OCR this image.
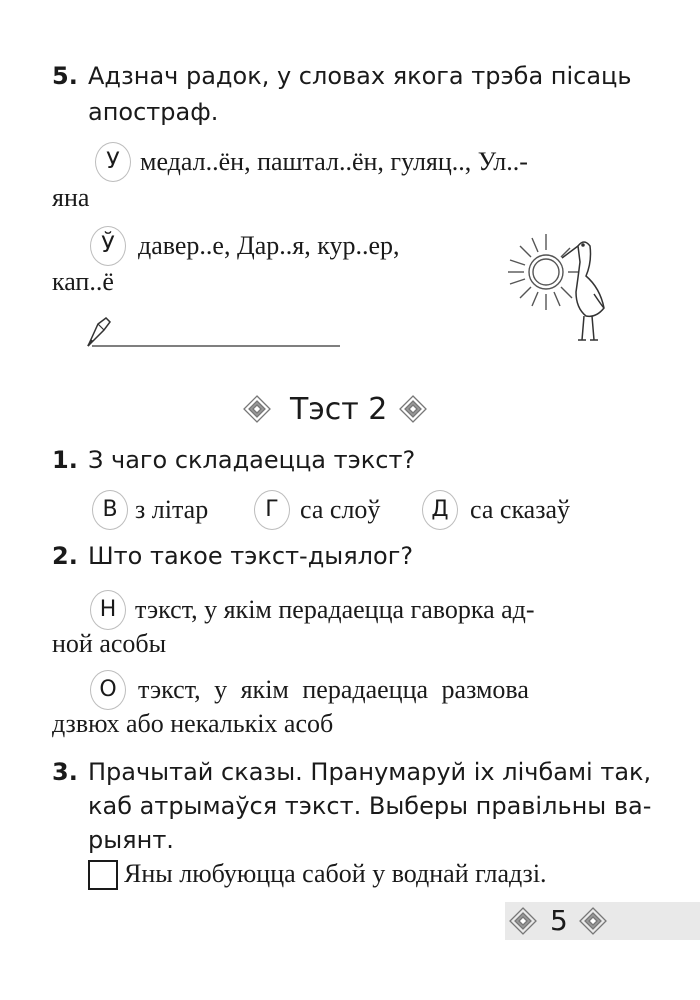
5. Адзнач радок, у словах якога трэба пісаць
апостраф.
У медал..ён, паштал..ён, гуляц.., Ул..-
яна
Ў давер..е, Дар..я, кур..ер,
кап..ё
Тэст 2
1. З чаго складаецца тэкст?
В з літар	Г са слоў	Д са сказаў
2. Што такое тэкст-дыялог?
Н тэкст, у якім перадаецца гаворка ад-
ной асобы
О тэкст, у якім перадаецца размова
дзвюх або некалькіх асоб
3. Прачытай сказы. Пранумаруй іх лічбамі так,
каб атрымаўся тэкст. Выберы правільны ва-
рыянт.
Яны любуюцца сабой у воднай гладзі.
5
